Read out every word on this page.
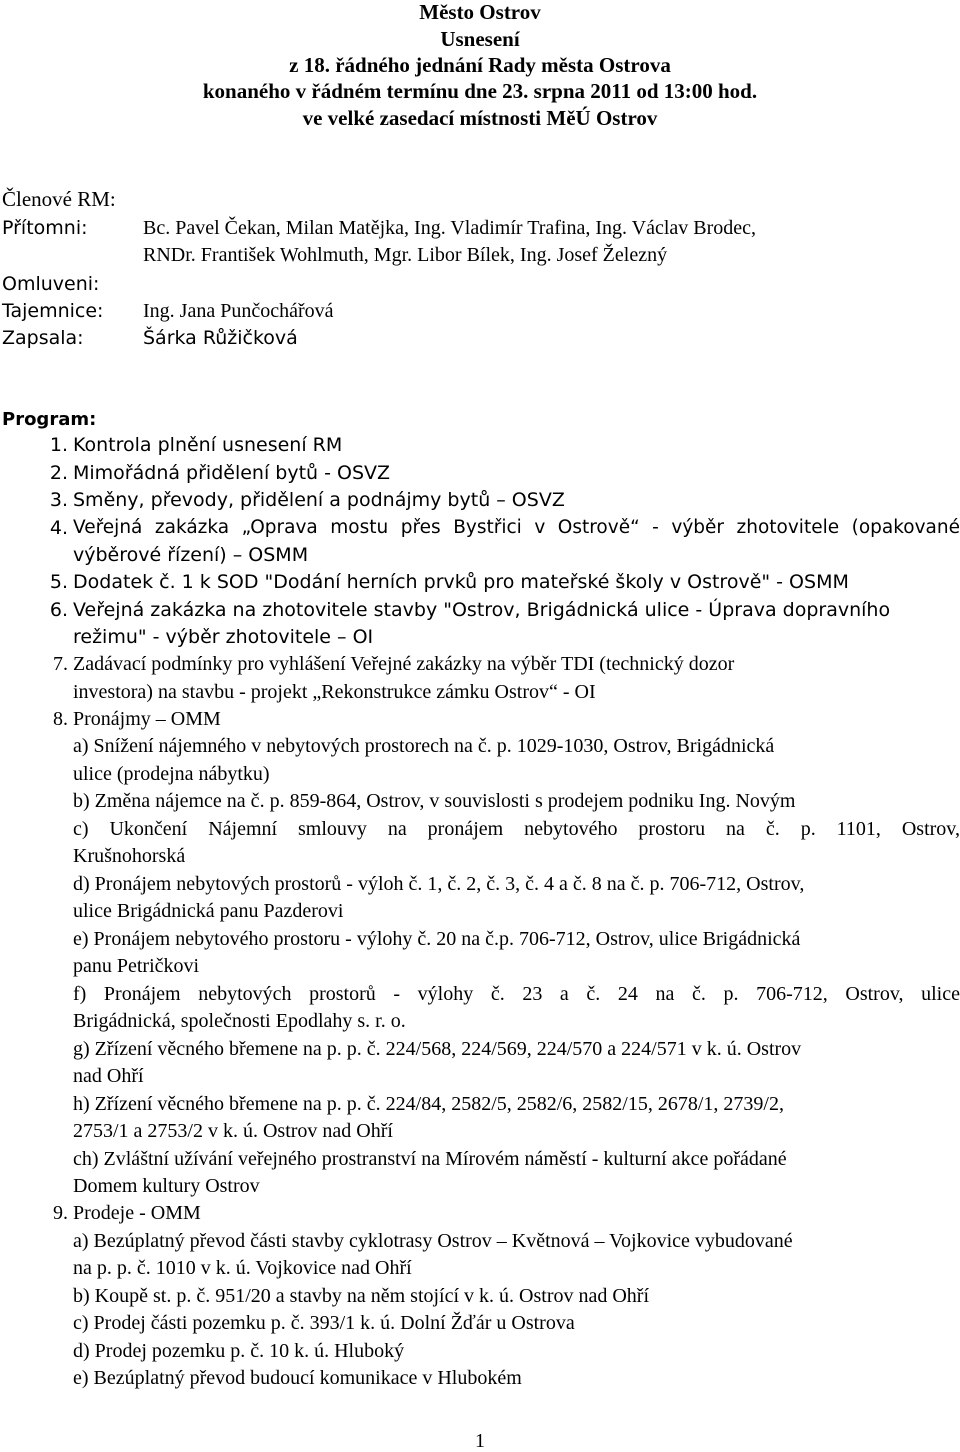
Město Ostrov
Usnesení
z 18. řádného jednání Rady města Ostrova
konaného v řádném termínu dne 23. srpna 2011 od 13:00 hod.
ve velké zasedací místnosti MěÚ Ostrov
Členové RM:
Přítomni:	Bc. Pavel Čekan, Milan Matějka, Ing. Vladimír Trafina, Ing. Václav Brodec,
RNDr. František Wohlmuth, Mgr. Libor Bílek, Ing. Josef Železný
Omluveni:
Tajemnice: Ing. Jana Punčochářová
Zapsala:	Šárka Růžičková
Program:
1. Kontrola plnění usnesení RM
2. Mimořádná přidělení bytů - OSVZ
3. Směny, převody, přidělení a podnájmy bytů – OSVZ
4. Veřejná zakázka „Oprava mostu přes Bystřici v Ostrově“ - výběr zhotovitele (opakované
výběrové řízení) – OSMM
5. Dodatek č. 1 k SOD "Dodání herních prvků pro mateřské školy v Ostrově" - OSMM
6. Veřejná zakázka na zhotovitele stavby "Ostrov, Brigádnická ulice - Úprava dopravního
režimu" - výběr zhotovitele – OI
7. Zadávací podmínky pro vyhlášení Veřejné zakázky na výběr TDI (technický dozor
investora) na stavbu - projekt „Rekonstrukce zámku Ostrov“ - OI
8. Pronájmy – OMM
a) Snížení nájemného v nebytových prostorech na č. p. 1029-1030, Ostrov, Brigádnická
ulice (prodejna nábytku)
b) Změna nájemce na č. p. 859-864, Ostrov, v souvislosti s prodejem podniku Ing. Novým
c) Ukončení Nájemní smlouvy na pronájem nebytového prostoru na č. p. 1101, Ostrov,
Krušnohorská
d) Pronájem nebytových prostorů - výloh č. 1, č. 2, č. 3, č. 4 a č. 8 na č. p. 706-712, Ostrov,
ulice Brigádnická panu Pazderovi
e) Pronájem nebytového prostoru - výlohy č. 20 na č.p. 706-712, Ostrov, ulice Brigádnická
panu Petričkovi
f) Pronájem nebytových prostorů - výlohy č. 23 a č. 24 na č. p. 706-712, Ostrov, ulice
Brigádnická, společnosti Epodlahy s. r. o.
g) Zřízení věcného břemene na p. p. č. 224/568, 224/569, 224/570 a 224/571 v k. ú. Ostrov
nad Ohří
h) Zřízení věcného břemene na p. p. č. 224/84, 2582/5, 2582/6, 2582/15, 2678/1, 2739/2,
2753/1 a 2753/2 v k. ú. Ostrov nad Ohří
ch) Zvláštní užívání veřejného prostranství na Mírovém náměstí - kulturní akce pořádané
Domem kultury Ostrov
9. Prodeje - OMM
a) Bezúplatný převod části stavby cyklotrasy Ostrov – Květnová – Vojkovice vybudované
na p. p. č. 1010 v k. ú. Vojkovice nad Ohří
b) Koupě st. p. č. 951/20 a stavby na něm stojící v k. ú. Ostrov nad Ohří
c) Prodej části pozemku p. č. 393/1 k. ú. Dolní Žďár u Ostrova
d) Prodej pozemku p. č. 10 k. ú. Hluboký
e) Bezúplatný převod budoucí komunikace v Hlubokém
1
